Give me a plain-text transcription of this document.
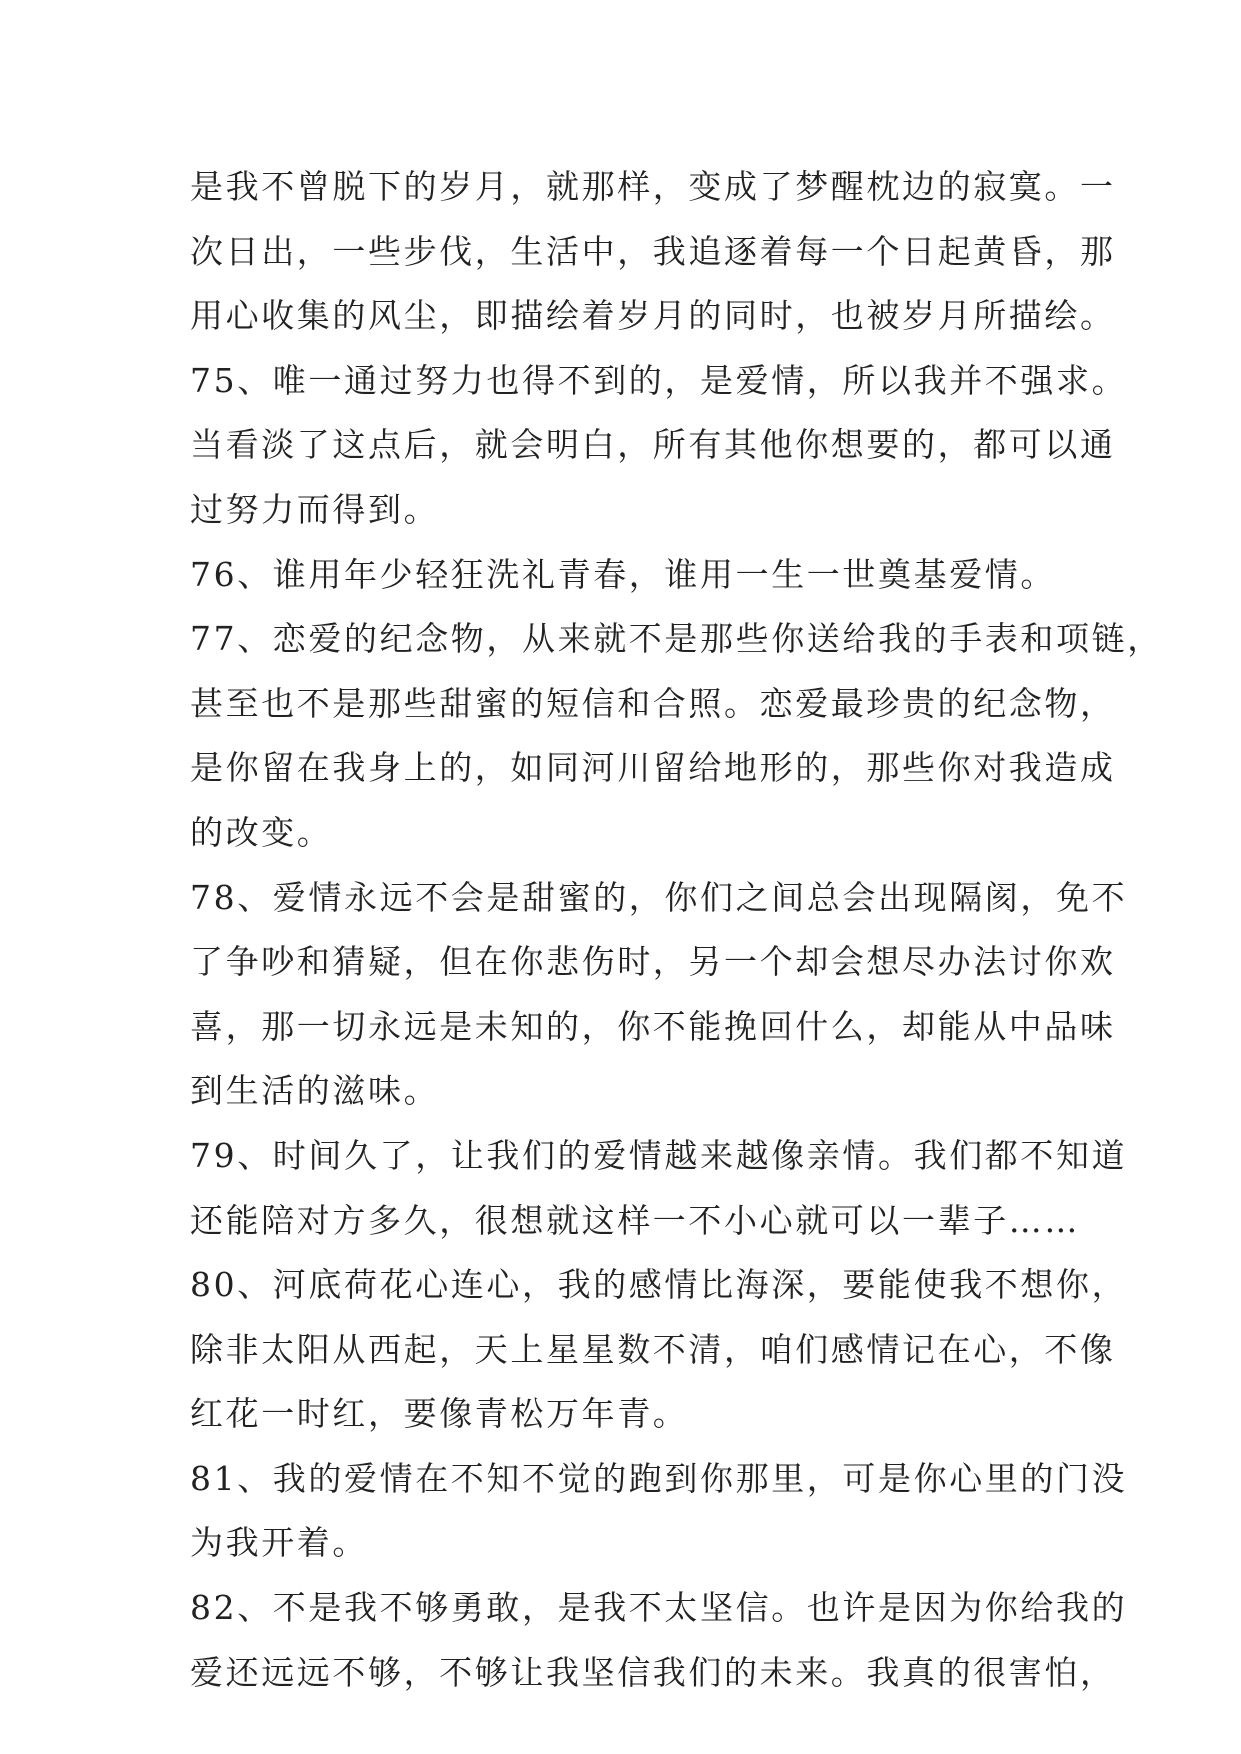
是我不曾脱下的岁月，就那样，变成了梦醒枕边的寂寞。一
次日出，一些步伐，生活中，我追逐着每一个日起黄昏，那
用心收集的风尘，即描绘着岁月的同时，也被岁月所描绘。
75、唯一通过努力也得不到的，是爱情，所以我并不强求。
当看淡了这点后，就会明白，所有其他你想要的，都可以通
过努力而得到。
76、谁用年少轻狂洗礼青春，谁用一生一世奠基爱情。
77、恋爱的纪念物，从来就不是那些你送给我的手表和项链，
甚至也不是那些甜蜜的短信和合照。恋爱最珍贵的纪念物，
是你留在我身上的，如同河川留给地形的，那些你对我造成
的改变。
78、爱情永远不会是甜蜜的，你们之间总会出现隔阂，免不
了争吵和猜疑，但在你悲伤时，另一个却会想尽办法讨你欢
喜，那一切永远是未知的，你不能挽回什么，却能从中品味
到生活的滋味。
79、时间久了，让我们的爱情越来越像亲情。我们都不知道
还能陪对方多久，很想就这样一不小心就可以一辈子……
80、河底荷花心连心，我的感情比海深，要能使我不想你，
除非太阳从西起，天上星星数不清，咱们感情记在心，不像
红花一时红，要像青松万年青。
81、我的爱情在不知不觉的跑到你那里，可是你心里的门没
为我开着。
82、不是我不够勇敢，是我不太坚信。也许是因为你给我的
爱还远远不够，不够让我坚信我们的未来。我真的很害怕，
